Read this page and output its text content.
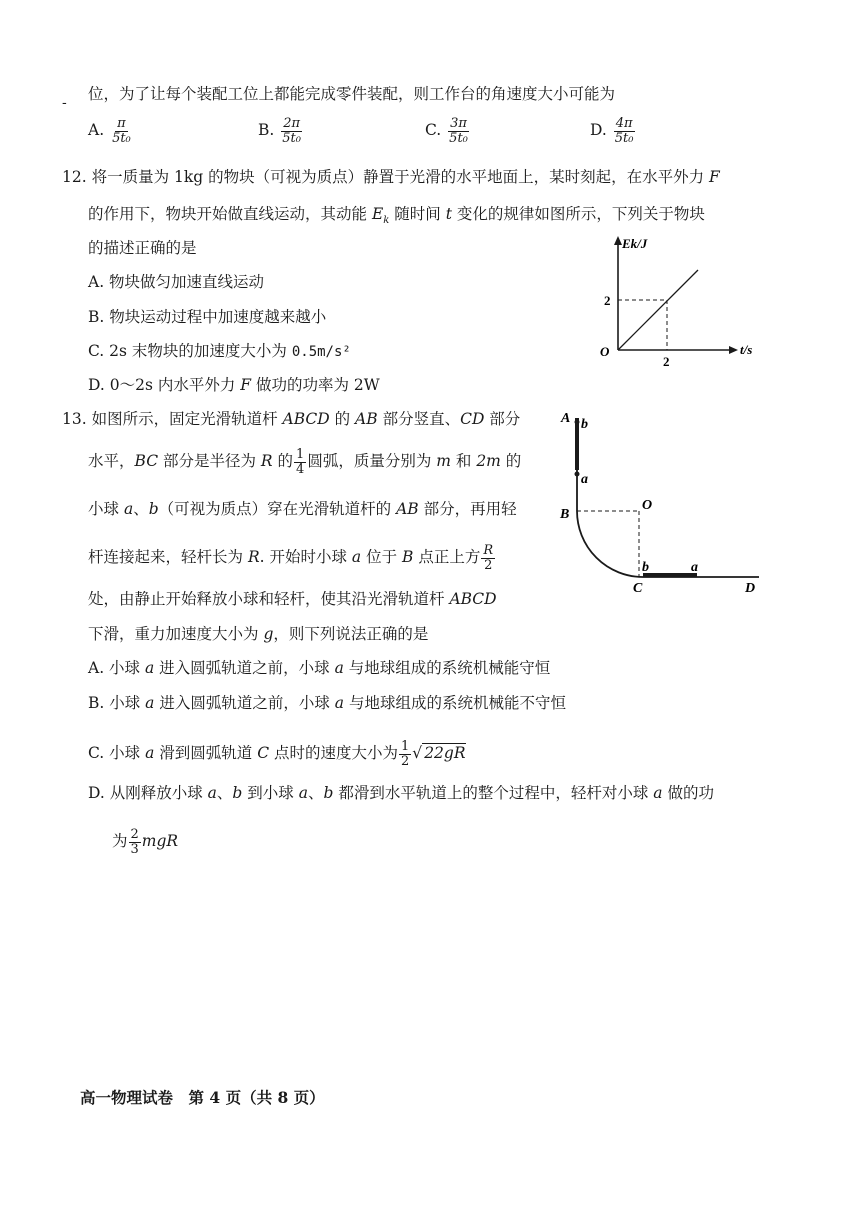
- 位，为了让每个装配工位上都能完成零件装配，则工作台的角速度大小可能为
A. $\frac{\pi}{\text{5t₀}}$	B. $\frac{2\pi}{\text{5t₀}}$	C. $\frac{3\pi}{\text{5t₀}}$	D. $\frac{4\pi}{\text{5t₀}}$
12. 将一质量为 1kg 的物块（可视为质点）静置于光滑的水平地面上，某时刻起，在水平外力 F
的作用下，物块开始做直线运动，其动能 $E_k$ 随时间 t 变化的规律如图所示，下列关于物块
的描述正确的是
A. 物块做匀加速直线运动
B. 物块运动过程中加速度越来越小
C. 2s 末物块的加速度大小为 0.5m/s²
D. 0～2s 内水平外力 F 做功的功率为 2W
Ek/J
t/s
O
2
2
13. 如图所示，固定光滑轨道杆 ABCD 的 AB 部分竖直、CD 部分
水平，BC 部分是半径为 R 的 $\frac{1}{4}$ 圆弧，质量分别为 m 和 2m 的
小球 a、b（可视为质点）穿在光滑轨道杆的 AB 部分，再用轻
杆连接起来，轻杆长为 R. 开始时小球 a 位于 B 点正上方 $\frac{R}{2}$
处，由静止开始释放小球和轻杆，使其沿光滑轨道杆 ABCD
下滑，重力加速度大小为 g，则下列说法正确的是
A. 小球 a 进入圆弧轨道之前，小球 a 与地球组成的系统机械能守恒
B. 小球 a 进入圆弧轨道之前，小球 a 与地球组成的系统机械能不守恒
C. 小球 a 滑到圆弧轨道 C 点时的速度大小为 $\frac{1}{2}$ √ 22gR
D. 从刚释放小球 a、b 到小球 a、b 都滑到水平轨道上的整个过程中，轻杆对小球 a 做的功
为 $\frac{2}{3}$ mgR
A b
a
B
O
b	a
C	D
高一物理试卷　第 4 页（共 8 页）
